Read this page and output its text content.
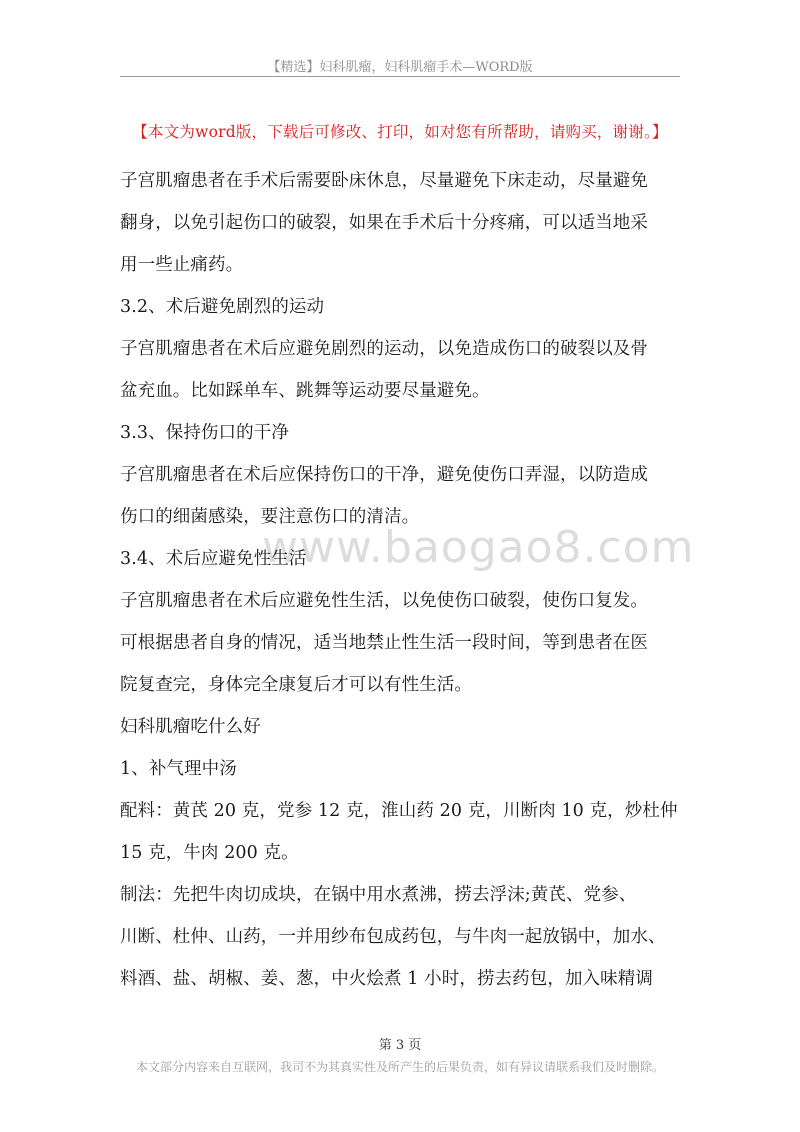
【精选】妇科肌瘤，妇科肌瘤手术—WORD版
【本文为word版，下载后可修改、打印，如对您有所帮助，请购买，谢谢。】
www.baogao8.com
子宫肌瘤患者在手术后需要卧床休息，尽量避免下床走动，尽量避免
翻身，以免引起伤口的破裂，如果在手术后十分疼痛，可以适当地采
用一些止痛药。
3.2、术后避免剧烈的运动
子宫肌瘤患者在术后应避免剧烈的运动，以免造成伤口的破裂以及骨
盆充血。比如踩单车、跳舞等运动要尽量避免。
3.3、保持伤口的干净
子宫肌瘤患者在术后应保持伤口的干净，避免使伤口弄湿，以防造成
伤口的细菌感染，要注意伤口的清洁。
3.4、术后应避免性生活
子宫肌瘤患者在术后应避免性生活，以免使伤口破裂，使伤口复发。
可根据患者自身的情况，适当地禁止性生活一段时间，等到患者在医
院复查完，身体完全康复后才可以有性生活。
妇科肌瘤吃什么好
1、补气理中汤
配料：黄芪 20 克，党参 12 克，淮山药 20 克，川断肉 10 克，炒杜仲
15 克，牛肉 200 克。
制法：先把牛肉切成块，在锅中用水煮沸，捞去浮沫;黄芪、党参、
川断、杜仲、山药，一并用纱布包成药包，与牛肉一起放锅中，加水、
料酒、盐、胡椒、姜、葱，中火烩煮 1 小时，捞去药包，加入味精调
第 3 页
本文部分内容来自互联网，我司不为其真实性及所产生的后果负责，如有异议请联系我们及时删除。
